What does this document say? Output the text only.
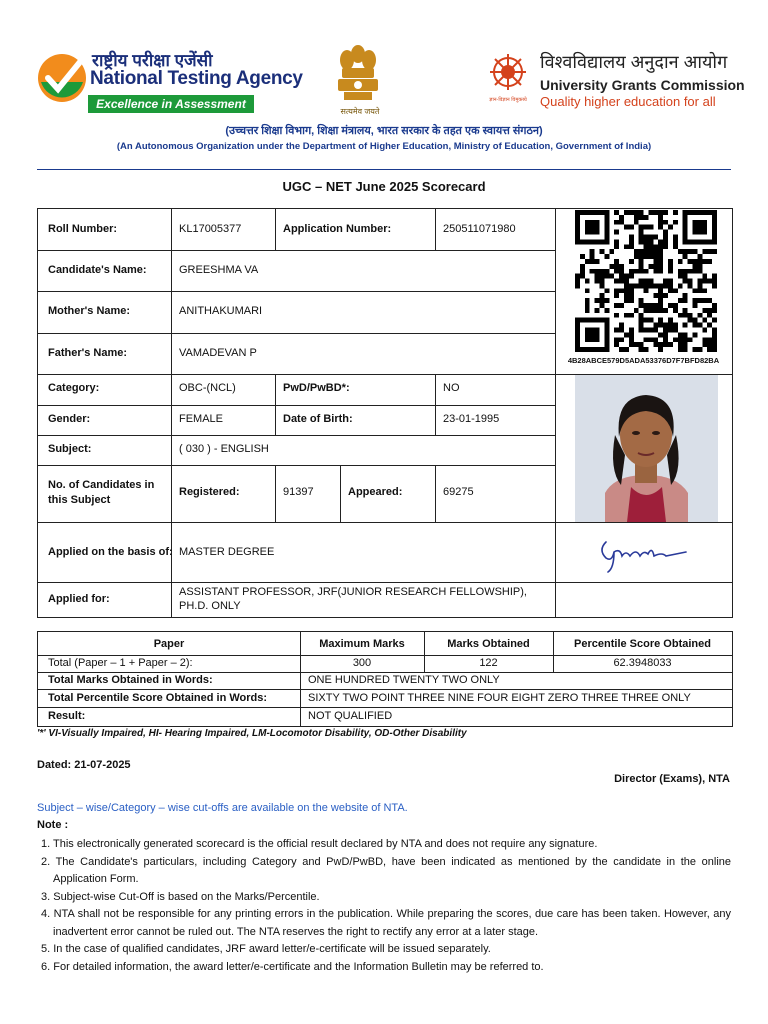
राष्ट्रीय परीक्षा एजेंसी
National Testing Agency
Excellence in Assessment
सत्यमेव जयते
ज्ञान-विज्ञान विमुक्तये
विश्वविद्यालय अनुदान आयोग
University Grants Commission
Quality higher education for all
(उच्चत्तर शिक्षा विभाग, शिक्षा मंत्रालय, भारत सरकार के तहत एक स्वायत्त संगठन)
(An Autonomous Organization under the Department of Higher Education, Ministry of Education, Government of India)
UGC – NET June 2025 Scorecard
Roll Number:	KL17005377	Application Number:	250511071980
Candidate's Name:	GREESHMA VA
Mother's Name:	ANITHAKUMARI
Father's Name:	VAMADEVAN P
Category:	OBC-(NCL)	PwD/PwBD*:	NO
Gender:	FEMALE	Date of Birth:	23-01-1995
Subject:	( 030 ) - ENGLISH
No. of Candidates in this Subject
Registered:	91397	Appeared:	69275
Applied on the basis of: MASTER DEGREE
Applied for:
ASSISTANT PROFESSOR, JRF(JUNIOR RESEARCH FELLOWSHIP), PH.D. ONLY
4B28ABCE579D5ADA53376D7F7BFD82BA
Greeshma
Paper	Maximum Marks	Marks Obtained	Percentile Score Obtained
Total (Paper – 1 + Paper – 2):	300	122	62.3948033
Total Marks Obtained in Words:	ONE HUNDRED TWENTY TWO ONLY
Total Percentile Score Obtained in Words:	SIXTY TWO POINT THREE NINE FOUR EIGHT ZERO THREE THREE ONLY
Result:	NOT QUALIFIED
'*' VI-Visually Impaired, HI- Hearing Impaired, LM-Locomotor Disability, OD-Other Disability
Dated: 21-07-2025
Director (Exams), NTA
Subject – wise/Category – wise cut-offs are available on the website of NTA.
Note :
1. This electronically generated scorecard is the official result declared by NTA and does not require any signature.
2. The Candidate's particulars, including Category and PwD/PwBD, have been indicated as mentioned by the candidate in the online Application Form.
3. Subject-wise Cut-Off is based on the Marks/Percentile.
4. NTA shall not be responsible for any printing errors in the publication. While preparing the scores, due care has been taken. However, any inadvertent error cannot be ruled out. The NTA reserves the right to rectify any error at a later stage.
5. In the case of qualified candidates, JRF award letter/e-certificate will be issued separately.
6. For detailed information, the award letter/e-certificate and the Information Bulletin may be referred to.
